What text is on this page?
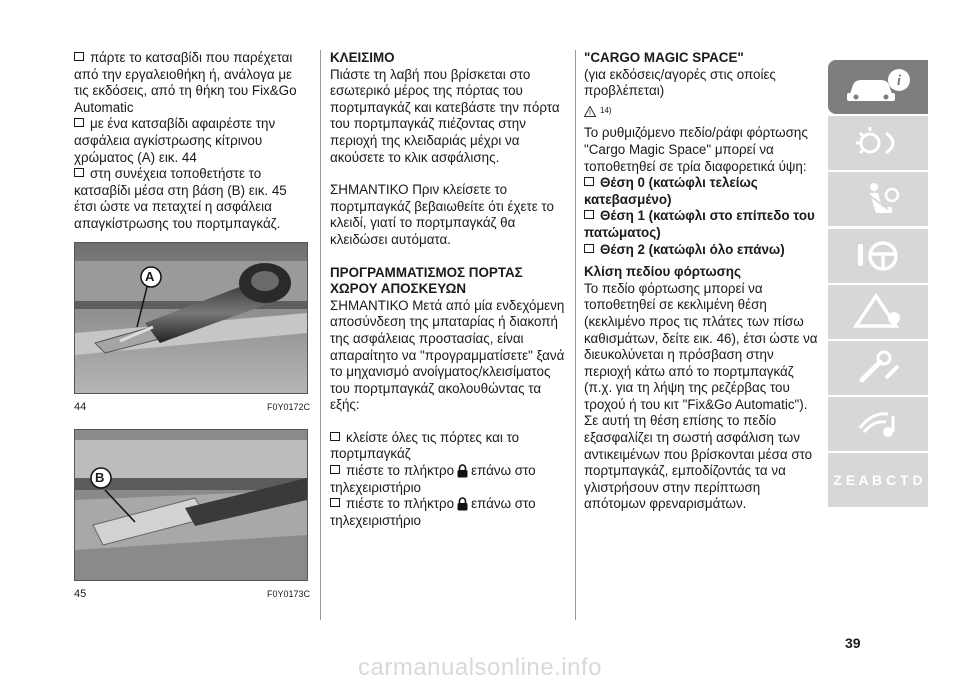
πάρτε το κατσαβίδι που παρέχεται από την εργαλειοθήκη ή, ανάλογα με τις εκδόσεις, από τη θήκη του Fix&Go Automatic

με ένα κατσαβίδι αφαιρέστε την ασφάλεια αγκίστρωσης κίτρινου χρώματος (A) εικ. 44

στη συνέχεια τοποθετήστε το κατσαβίδι μέσα στη βάση (B) εικ. 45 έτσι ώστε να πεταχτεί η ασφάλεια απαγκίστρωσης του πορτμπαγκάζ.

A
44	F0Y0172C
B
45	F0Y0173C

ΚΛΕΙΣΙΜΟ

Πιάστε τη λαβή που βρίσκεται στο εσωτερικό μέρος της πόρτας του πορτμπαγκάζ και κατεβάστε την πόρτα του πορτμπαγκάζ πιέζοντας στην περιοχή της κλειδαριάς μέχρι να ακούσετε το κλικ ασφάλισης.

ΣΗΜΑΝΤΙΚΟ Πριν κλείσετε το πορτμπαγκάζ βεβαιωθείτε ότι έχετε το κλειδί, γιατί το πορτμπαγκάζ θα κλειδώσει αυτόματα.

ΠΡΟΓΡΑΜΜΑΤΙΣΜΟΣ ΠΟΡΤΑΣ ΧΩΡΟΥ ΑΠΟΣΚΕΥΩΝ

ΣΗΜΑΝΤΙΚΟ Μετά από μία ενδεχόμενη αποσύνδεση της μπαταρίας ή διακοπή της ασφάλειας προστασίας, είναι απαραίτητο να "προγραμματίσετε" ξανά το μηχανισμό ανοίγματος/κλεισίματος του πορτμπαγκάζ ακολουθώντας τα εξής:

κλείστε όλες τις πόρτες και το πορτμπαγκάζ

πιέστε το πλήκτρο επάνω στο τηλεχειριστήριο

πιέστε το πλήκτρο επάνω στο τηλεχειριστήριο

"CARGO MAGIC SPACE"

(για εκδόσεις/αγορές στις οποίες προβλέπεται)

! 14)

Το ρυθμιζόμενο πεδίο/ράφι φόρτωσης "Cargo Magic Space" μπορεί να τοποθετηθεί σε τρία διαφορετικά ύψη:

Θέση 0 (κατώφλι τελείως κατεβασμένο)

Θέση 1 (κατώφλι στο επίπεδο του πατώματος)

Θέση 2 (κατώφλι όλο επάνω)

Κλίση πεδίου φόρτωσης

Το πεδίο φόρτωσης μπορεί να τοποθετηθεί σε κεκλιμένη θέση (κεκλιμένο προς τις πλάτες των πίσω καθισμάτων, δείτε εικ. 46), έτσι ώστε να διευκολύνεται η πρόσβαση στην περιοχή κάτω από το πορτμπαγκάζ (π.χ. για τη λήψη της ρεζέρβας του τροχού ή του κιτ "Fix&Go Automatic").

Σε αυτή τη θέση επίσης το πεδίο εξασφαλίζει τη σωστή ασφάλιση των αντικειμένων που βρίσκονται μέσα στο πορτμπαγκάζ, εμποδίζοντάς τα να γλιστρήσουν στην περίπτωση απότομων φρεναρισμάτων.

i
Z E A B C T D
39
carmanualsonline.info
